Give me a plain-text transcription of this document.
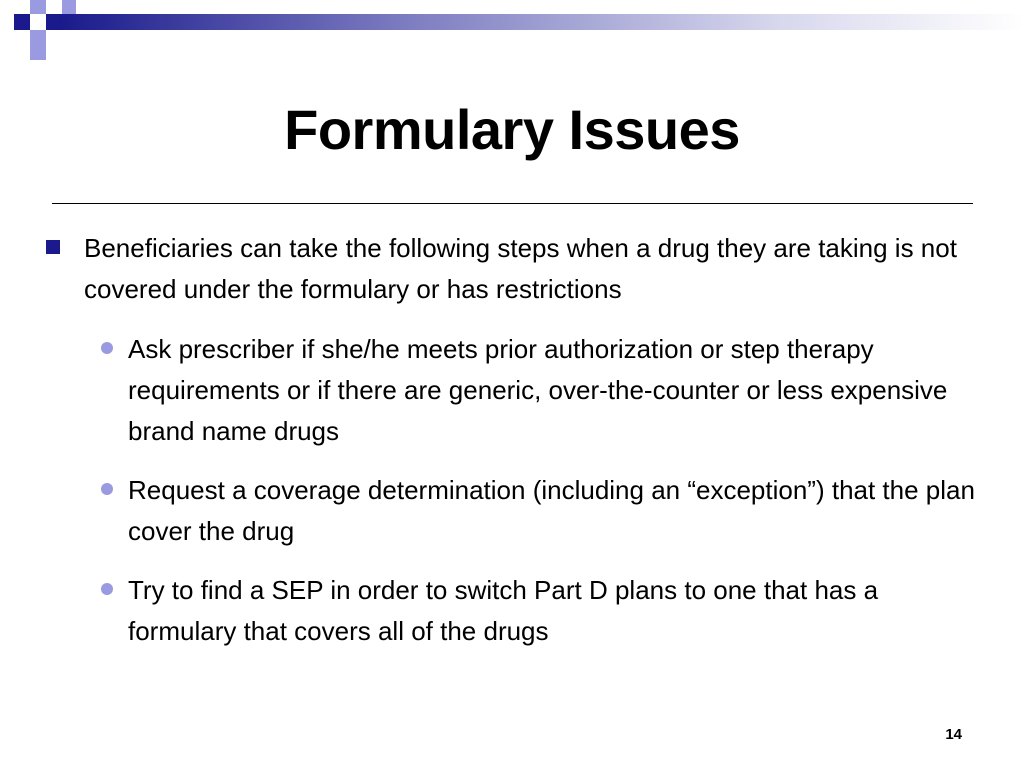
Formulary Issues
Beneficiaries can take the following steps when a drug they are taking is not covered under the formulary or has restrictions
Ask prescriber if she/he meets prior authorization or step therapy requirements or if there are generic, over-the-counter or less expensive brand name drugs
Request a coverage determination (including an “exception”) that the plan cover the drug
Try to find a SEP in order to switch Part D plans to one that has a formulary that covers all of the drugs
14
